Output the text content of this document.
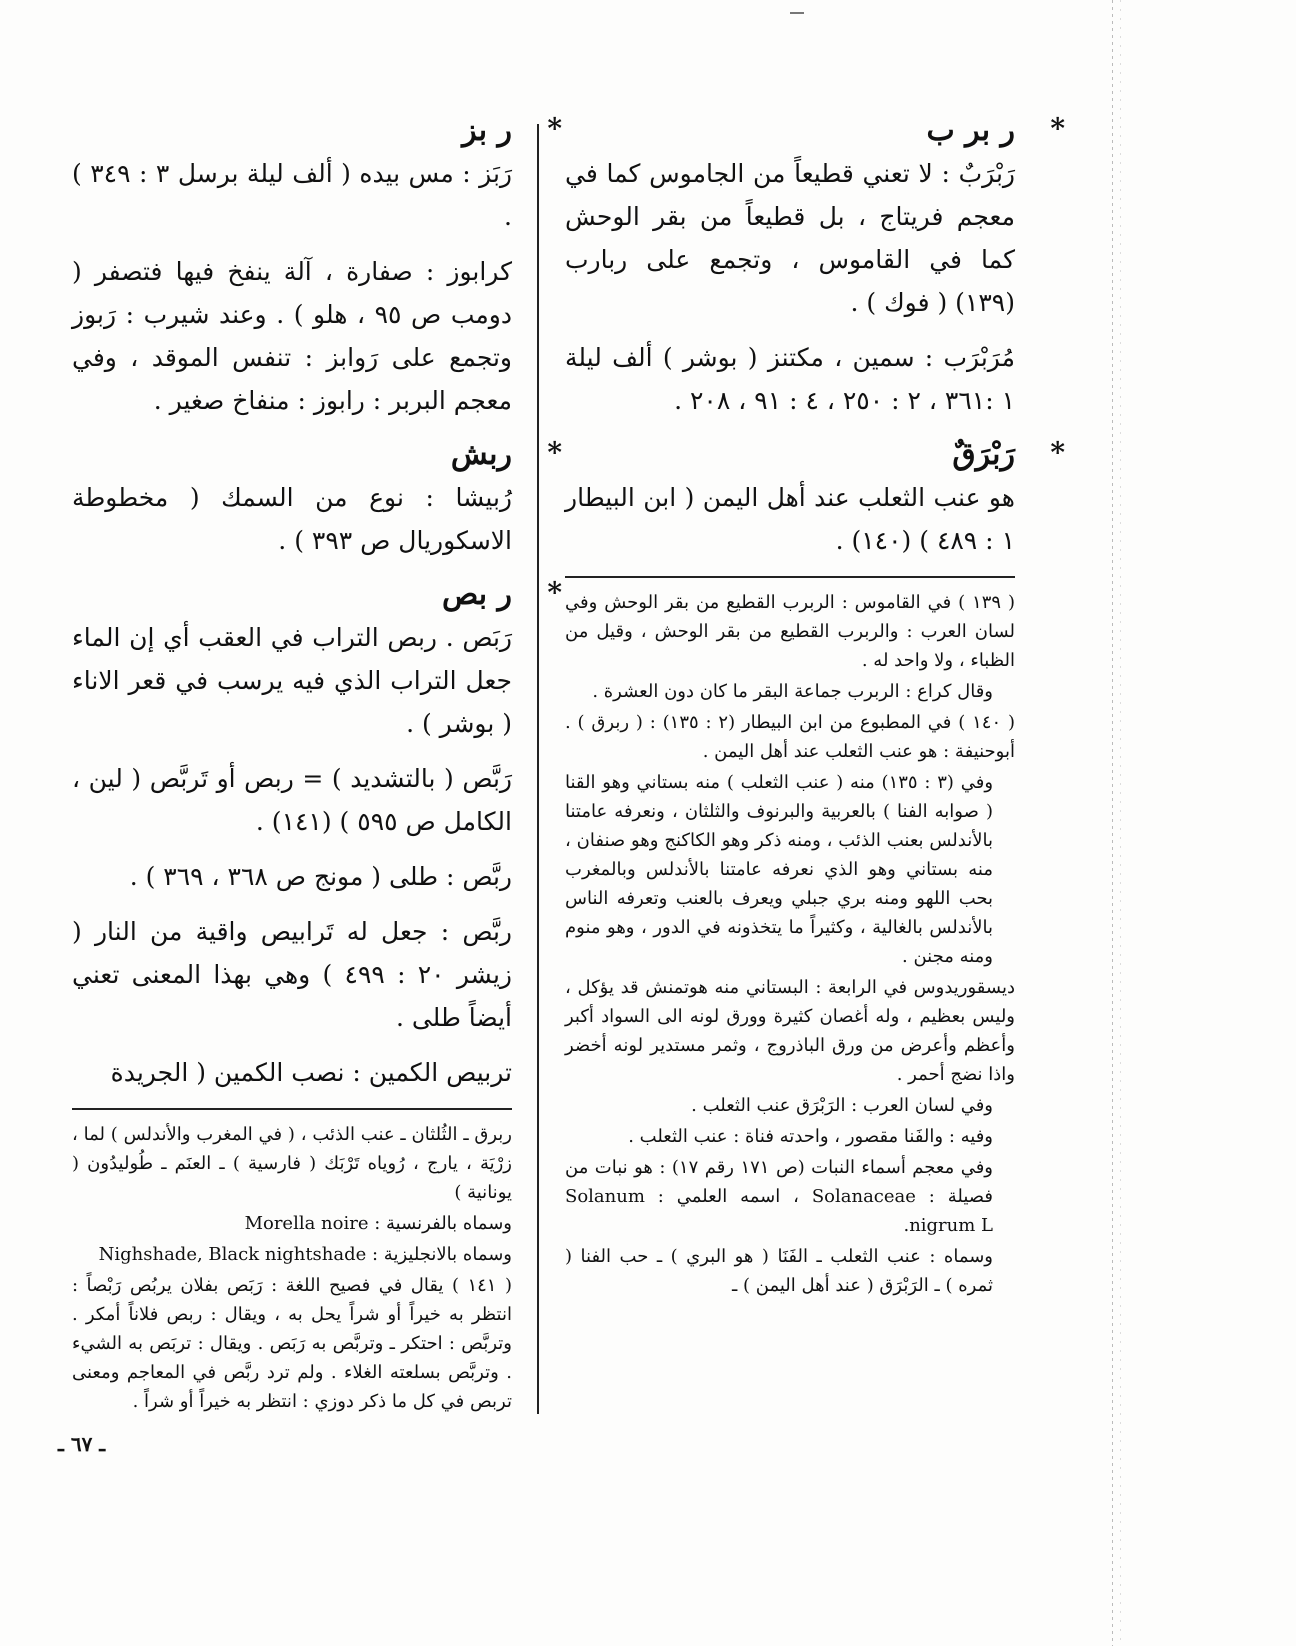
*
ر بر ب

رَبْرَبٌ : لا تعني قطيعاً من الجاموس كما في معجم فريتاج ، بل قطيعاً من بقر الوحش كما في القاموس ، وتجمع على ربارب (١٣٩) ( فوك ) .

مُرَبْرَب : سمين ، مكتنز ( بوشر ) ألف ليلة ١ :٣٦١ ، ٢ : ٢٥٠ ، ٤ : ٩١ ، ٢٠٨ .

*
رَبْرَقٌ

هو عنب الثعلب عند أهل اليمن ( ابن البيطار ١ : ٤٨٩ ) (١٤٠) .

( ١٣٩ ) في القاموس : الربرب القطيع من بقر الوحش وفي لسان العرب : والربرب القطيع من بقر الوحش ، وقيل من الظباء ، ولا واحد له .

وقال كراع : الربرب جماعة البقر ما كان دون العشرة .

( ١٤٠ ) في المطبوع من ابن البيطار (٢ : ١٣٥) : ( ربرق ) . أبوحنيفة : هو عنب الثعلب عند أهل اليمن .

وفي (٣ : ١٣٥) منه ( عنب الثعلب ) منه بستاني وهو القنا ( صوابه الفنا ) بالعربية والبرنوف والثلثان ، ونعرفه عامتنا بالأندلس بعنب الذئب ، ومنه ذكر وهو الكاكنج وهو صنفان ، منه بستاني وهو الذي نعرفه عامتنا بالأندلس وبالمغرب بحب اللهو ومنه بري جبلي ويعرف بالعنب وتعرفه الناس بالأندلس بالغالية ، وكثيراً ما يتخذونه في الدور ، وهو منوم ومنه مجنن .

ديسقوريدوس في الرابعة : البستاني منه هوتمنش قد يؤكل ، وليس بعظيم ، وله أغصان كثيرة وورق لونه الى السواد أكبر وأعظم وأعرض من ورق الباذروج ، وثمر مستدير لونه أخضر واذا نضج أحمر .

وفي لسان العرب : الرَبْرَق عنب الثعلب .

وفيه : والفَنا مقصور ، واحدته فناة : عنب الثعلب .

وفي معجم أسماء النبات (ص ١٧١ رقم ١٧) : هو نبات من فصيلة : Solanaceae ، اسمه العلمي : Solanum nigrum L.

وسماه : عنب الثعلب ـ الفَنَا ( هو البري ) ـ حب الفنا ( ثمره ) ـ الرَبْرَق ( عند أهل اليمن ) ـ

*
ر بز

رَبَز : مس بيده ( ألف ليلة برسل ٣ : ٣٤٩ ) .

كرابوز : صفارة ، آلة ينفخ فيها فتصفر ( دومب ص ٩٥ ، هلو ) . وعند شيرب : رَبوز وتجمع على رَوابز : تنفس الموقد ، وفي معجم البربر : رابوز : منفاخ صغير .

*
ربش

رُبيشا : نوع من السمك ( مخطوطة الاسكوريال ص ٣٩٣ ) .

*
ر بص

رَبَص . ربص التراب في العقب أي إن الماء جعل التراب الذي فيه يرسب في قعر الاناء ( بوشر ) .

رَبَّص ( بالتشديد ) = ربص أو تَربَّص ( لين ، الكامل ص ٥٩٥ ) (١٤١) .

ربَّص : طلى ( مونج ص ٣٦٨ ، ٣٦٩ ) .

ربَّص : جعل له تَرابيص واقية من النار ( زيشر ٢٠ : ٤٩٩ ) وهي بهذا المعنى تعني أيضاً طلى .

تربيص الكمين : نصب الكمين ( الجريدة

ربرق ـ الثُلثان ـ عنب الذئب ، ( في المغرب والأندلس ) لما ، زرْيَة ، يارج ، رُوياه تَرْبَك ( فارسية ) ـ العنَم ـ طُوليدُون ( يونانية )

وسماه بالفرنسية : Morella noire

وسماه بالانجليزية : Nighshade, Black nightshade

( ١٤١ ) يقال في فصيح اللغة : رَبَص بفلان يربُص رَبْصاً : انتظر به خيراً أو شراً يحل به ، ويقال : ربص فلاناً أمكر . وتربَّص : احتكر ـ وتربَّص به رَبَص . ويقال : تربَص به الشيء . وتربَّص بسلعته الغلاء . ولم ترد ربَّص في المعاجم ومعنى تربص في كل ما ذكر دوزي : انتظر به خيراً أو شراً .

ـ ٦٧ ـ
